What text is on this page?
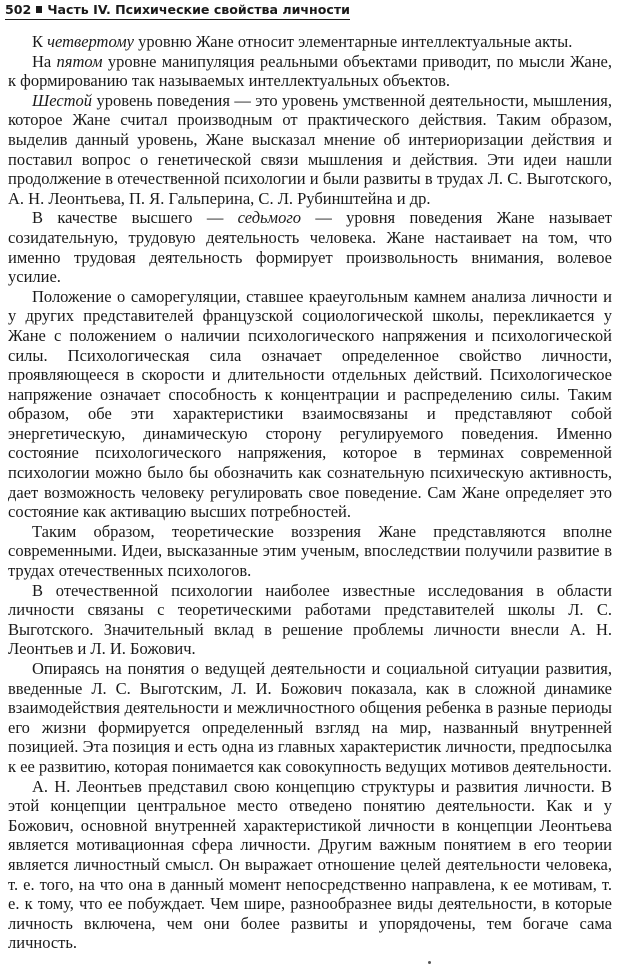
502 Часть IV. Психические свойства личности

К четвертому уровню Жане относит элементарные интеллектуальные акты.

На пятом уровне манипуляция реальными объектами приводит, по мысли Жане, к формированию так называемых интеллектуальных объектов.

Шестой уровень поведения — это уровень умственной деятельности, мышления, которое Жане считал производным от практического действия. Таким образом, выделив данный уровень, Жане высказал мнение об интериоризации действия и поставил вопрос о генетической связи мышления и действия. Эти идеи нашли продолжение в отечественной психологии и были развиты в трудах Л. С. Выготского, А. Н. Леонтьева, П. Я. Гальперина, С. Л. Рубинштейна и др.

В качестве высшего — седьмого — уровня поведения Жане называет созидательную, трудовую деятельность человека. Жане настаивает на том, что именно трудовая деятельность формирует произвольность внимания, волевое усилие.

Положение о саморегуляции, ставшее краеугольным камнем анализа личности и у других представителей французской социологической школы, перекликается у Жане с положением о наличии психологического напряжения и психологической силы. Психологическая сила означает определенное свойство личности, проявляющееся в скорости и длительности отдельных действий. Психологическое напряжение означает способность к концентрации и распределению силы. Таким образом, обе эти характеристики взаимосвязаны и представляют собой энергетическую, динамическую сторону регулируемого поведения. Именно состояние психологического напряжения, которое в терминах современной психологии можно было бы обозначить как сознательную психическую активность, дает возможность человеку регулировать свое поведение. Сам Жане определяет это состояние как активацию высших потребностей.

Таким образом, теоретические воззрения Жане представляются вполне современными. Идеи, высказанные этим ученым, впоследствии получили развитие в трудах отечественных психологов.

В отечественной психологии наиболее известные исследования в области личности связаны с теоретическими работами представителей школы Л. С. Выготского. Значительный вклад в решение проблемы личности внесли А. Н. Леонтьев и Л. И. Божович.

Опираясь на понятия о ведущей деятельности и социальной ситуации развития, введенные Л. С. Выготским, Л. И. Божович показала, как в сложной динамике взаимодействия деятельности и межличностного общения ребенка в разные периоды его жизни формируется определенный взгляд на мир, названный внутренней позицией. Эта позиция и есть одна из главных характеристик личности, предпосылка к ее развитию, которая понимается как совокупность ведущих мотивов деятельности.

А. Н. Леонтьев представил свою концепцию структуры и развития личности. В этой концепции центральное место отведено понятию деятельности. Как и у Божович, основной внутренней характеристикой личности в концепции Леонтьева является мотивационная сфера личности. Другим важным понятием в его теории является личностный смысл. Он выражает отношение целей деятельности человека, т. е. того, на что она в данный момент непосредственно направлена, к ее мотивам, т. е. к тому, что ее побуждает. Чем шире, разнообразнее виды деятельности, в которые личность включена, чем они более развиты и упорядочены, тем богаче сама личность.
